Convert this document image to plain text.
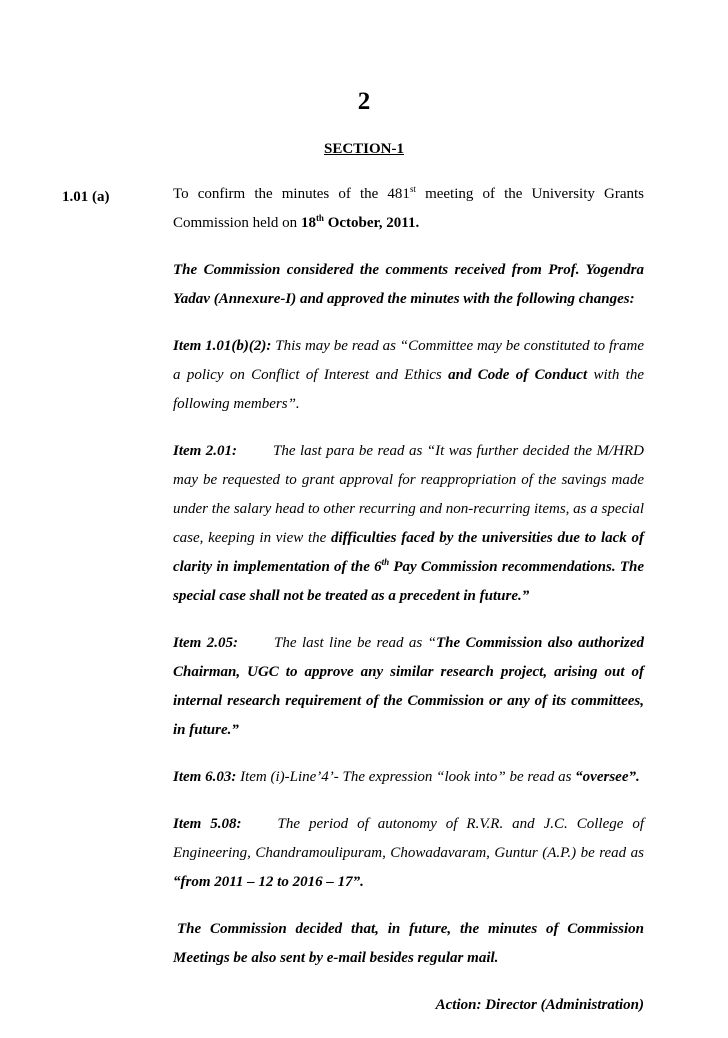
2
SECTION-1
1.01 (a)	To confirm the minutes of the 481st meeting of the University Grants Commission held on 18th October, 2011.

The Commission considered the comments received from Prof. Yogendra Yadav (Annexure-I) and approved the minutes with the following changes:

Item 1.01(b)(2): This may be read as “Committee may be constituted to frame a policy on Conflict of Interest and Ethics and Code of Conduct with the following members”.

Item 2.01: The last para be read as “It was further decided the M/HRD may be requested to grant approval for reappropriation of the savings made under the salary head to other recurring and non-recurring items, as a special case, keeping in view the difficulties faced by the universities due to lack of clarity in implementation of the 6th Pay Commission recommendations. The special case shall not be treated as a precedent in future.”

Item 2.05: The last line be read as “The Commission also authorized Chairman, UGC to approve any similar research project, arising out of internal research requirement of the Commission or any of its committees, in future.”

Item 6.03: Item (i)-Line’4’- The expression “look into” be read as “oversee”.

Item 5.08: The period of autonomy of R.V.R. and J.C. College of Engineering, Chandramoulipuram, Chowadavaram, Guntur (A.P.) be read as “from 2011 – 12 to 2016 – 17”.

The Commission decided that, in future, the minutes of Commission Meetings be also sent by e-mail besides regular mail.

Action: Director (Administration)
